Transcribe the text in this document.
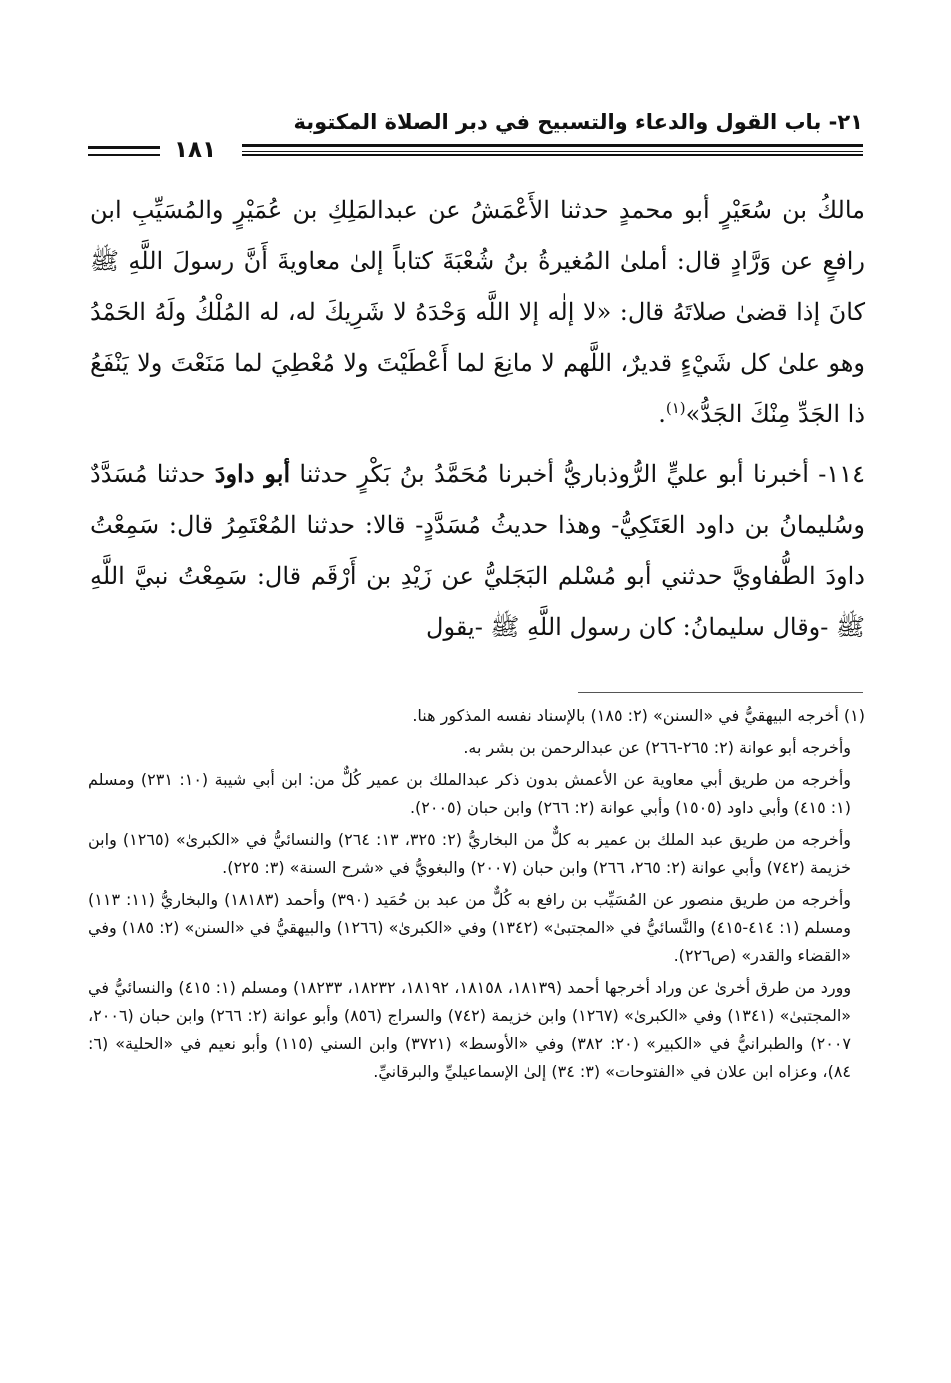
٢١- باب القول والدعاء والتسبيح في دبر الصلاة المكتوبة
١٨١

مالكُ بن سُعَيْرٍ أبو محمدٍ حدثنا الأَعْمَشُ عن عبدالمَلِكِ بن عُمَيْرٍ والمُسَيِّبِ ابن رافعٍ عن وَرَّادٍ قال: أملىٰ المُغيرةُ بنُ شُعْبَةَ كتاباً إلىٰ معاويةَ أَنَّ رسولَ اللَّهِ ﷺ كانَ إذا قضىٰ صلاتَهُ قال: «لا إلٰه إلا اللَّه وَحْدَهُ لا شَرِيكَ له، له المُلْكُ ولَهُ الحَمْدُ وهو علىٰ كل شَيْءٍ قديرٌ، اللَّهم لا مانِعَ لما أَعْطَيْتَ ولا مُعْطِيَ لما مَنَعْتَ ولا يَنْفَعُ ذا الجَدِّ مِنْكَ الجَدُّ»$^{(١)}$.

١١٤- أخبرنا أبو عليٍّ الرُّوذباريُّ أخبرنا مُحَمَّدُ بنُ بَكْرٍ حدثنا أبو داودَ حدثنا مُسَدَّدٌ وسُليمانُ بن داود العَتَكِيُّ- وهذا حديثُ مُسَدَّدٍ- قالا: حدثنا المُعْتَمِرُ قال: سَمِعْتُ داودَ الطُّفاويَّ حدثني أبو مُسْلم البَجَليُّ عن زَيْدِ بن أَرْقَم قال: سَمِعْتُ نبيَّ اللَّهِ ﷺ -وقال سليمانُ: كان رسول اللَّهِ ﷺ -يقول

(١) أخرجه البيهقيُّ في «السنن» (٢: ١٨٥) بالإسناد نفسه المذكور هنا.

وأخرجه أبو عوانة (٢: ٢٦٥-٢٦٦) عن عبدالرحمن بن بشر به.

وأخرجه من طريق أبي معاوية عن الأعمش بدون ذكر عبدالملك بن عمير كُلٌّ من: ابن أبي شيبة (١٠: ٢٣١) ومسلم (١: ٤١٥) وأبي داود (١٥٠٥) وأبي عوانة (٢: ٢٦٦) وابن حبان (٢٠٠٥).

وأخرجه من طريق عبد الملك بن عمير به كلٌّ من البخاريُّ (٢: ٣٢٥، ١٣: ٢٦٤) والنسائيُّ في «الكبرىٰ» (١٢٦٥) وابن خزيمة (٧٤٢) وأبي عوانة (٢: ٢٦٥، ٢٦٦) وابن حبان (٢٠٠٧) والبغويُّ في «شرح السنة» (٣: ٢٢٥).

وأخرجه من طريق منصور عن المُسَيِّب بن رافع به كُلٌّ من عبد بن حُمَيد (٣٩٠) وأحمد (١٨١٨٣) والبخاريُّ (١١: ١١٣) ومسلم (١: ٤١٤-٤١٥) والنَّسائيُّ في «المجتبىٰ» (١٣٤٢) وفي «الكبرىٰ» (١٢٦٦) والبيهقيُّ في «السنن» (٢: ١٨٥) وفي «القضاء والقدر» (ص٢٢٦).

وورد من طرق أخرىٰ عن وراد أخرجها أحمد (١٨١٣٩، ١٨١٥٨، ١٨١٩٢، ١٨٢٣٢، ١٨٢٣٣) ومسلم (١: ٤١٥) والنسائيُّ في «المجتبىٰ» (١٣٤١) وفي «الكبرىٰ» (١٢٦٧) وابن خزيمة (٧٤٢) والسراج (٨٥٦) وأبو عوانة (٢: ٢٦٦) وابن حبان (٢٠٠٦، ٢٠٠٧) والطبرانيُّ في «الكبير» (٢٠: ٣٨٢) وفي «الأوسط» (٣٧٢١) وابن السني (١١٥) وأبو نعيم في «الحلية» (٦: ٨٤)، وعزاه ابن علان في «الفتوحات» (٣: ٣٤) إلىٰ الإسماعيليِّ والبرقانيِّ.
